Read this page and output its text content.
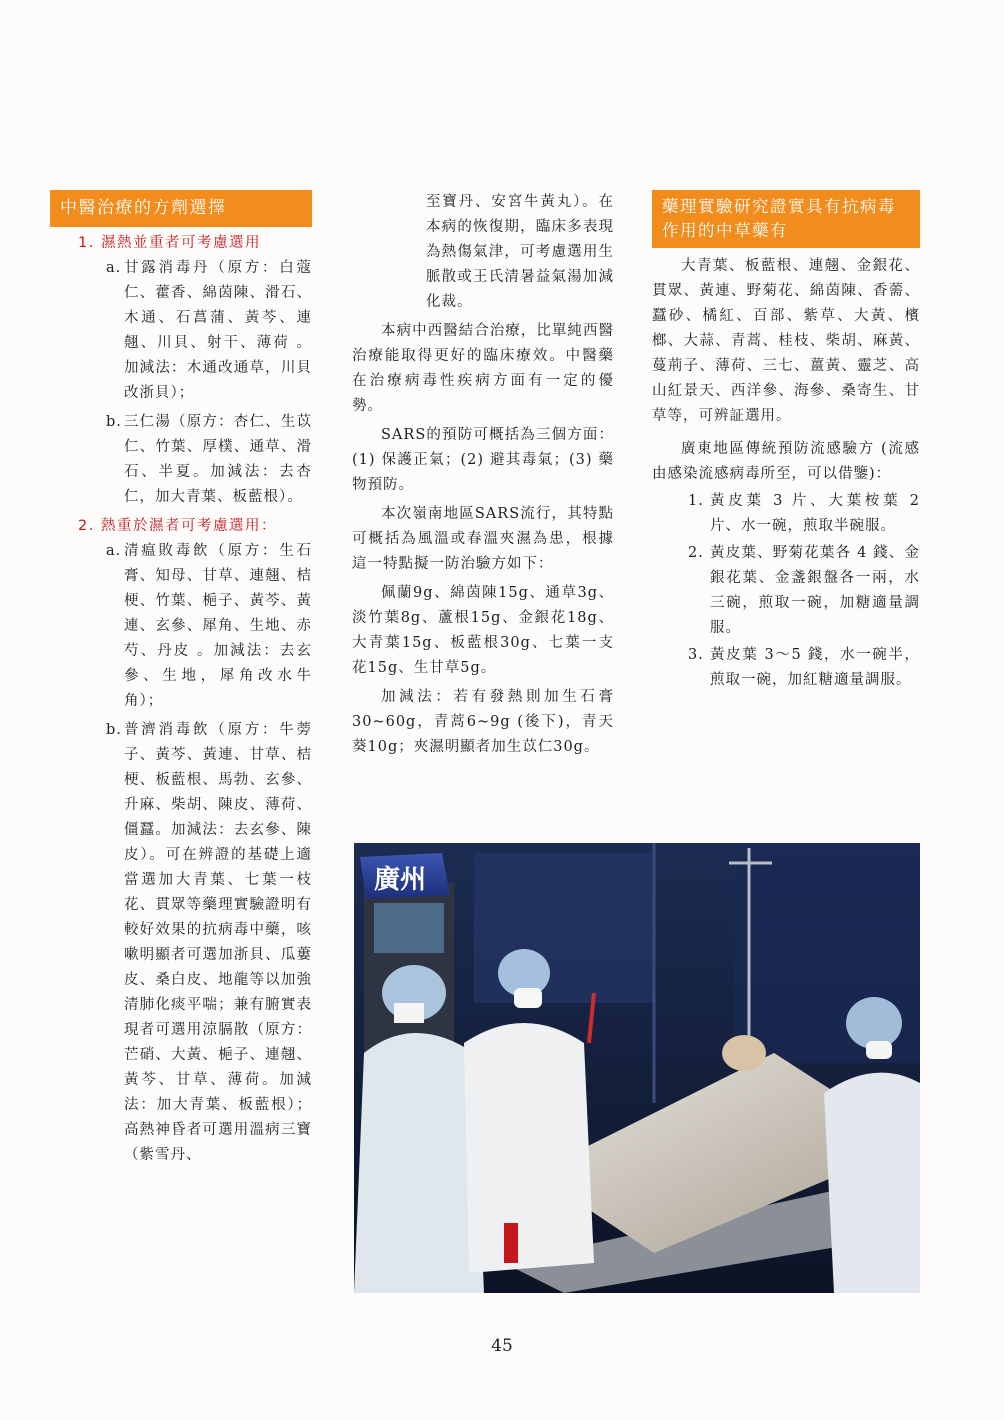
中醫治療的方劑選擇
1. 濕熱並重者可考慮選用
a. 甘露消毒丹（原方：白蔻仁、藿香、綿茵陳、滑石、木通、石菖蒲、黃芩、連翹、川貝、射干、薄荷 。加減法：木通改通草，川貝改浙貝）；
b. 三仁湯（原方：杏仁、生苡仁、竹葉、厚樸、通草、滑石、半夏。加減法：去杏仁，加大青葉、板藍根）。
2. 熱重於濕者可考慮選用：
a. 清瘟敗毒飲（原方：生石膏、知母、甘草、連翹、桔梗、竹葉、梔子、黃芩、黃連、玄參、犀角、生地、赤芍、丹皮 。加減法：去玄參、生地，犀角改水牛角）；
b. 普濟消毒飲（原方：牛蒡子、黃芩、黃連、甘草、桔梗、板藍根、馬勃、玄參、升麻、柴胡、陳皮、薄荷、僵蠶。加減法：去玄參、陳皮）。可在辨證的基礎上適當選加大青葉、七葉一枝花、貫眾等藥理實驗證明有較好效果的抗病毒中藥，咳嗽明顯者可選加浙貝、瓜蔞皮、桑白皮、地龍等以加強清肺化痰平喘；兼有腑實表現者可選用涼膈散（原方：芒硝、大黃、梔子、連翹、黃芩、甘草、薄荷。加減法：加大青葉、板藍根）；高熱神昏者可選用溫病三寶（紫雪丹、
至寶丹、安宮牛黃丸）。在本病的恢復期，臨床多表現為熱傷氣津，可考慮選用生脈散或王氏清暑益氣湯加減化裁。

本病中西醫結合治療，比單純西醫治療能取得更好的臨床療效。中醫藥在治療病毒性疾病方面有一定的優勢。

SARS的預防可概括為三個方面：(1) 保護正氣；(2) 避其毒氣；(3) 藥物預防。

本次嶺南地區SARS流行，其特點可概括為風溫或春溫夾濕為患，根據這一特點擬一防治驗方如下：

佩蘭9g、綿茵陳15g、通草3g、淡竹葉8g、蘆根15g、金銀花18g、大青葉15g、板藍根30g、七葉一支花15g、生甘草5g。

加減法：若有發熱則加生石膏30~60g，青蒿6~9g (後下)，青天葵10g；夾濕明顯者加生苡仁30g。

藥理實驗研究證實具有抗病毒作用的中草藥有

大青葉、板藍根、連翹、金銀花、貫眾、黃連、野菊花、綿茵陳、香薷、蠶砂、橘紅、百部、紫草、大黃、檳榔、大蒜、青蒿、桂枝、柴胡、麻黃、蔓荊子、薄荷、三七、薑黃、靈芝、高山紅景天、西洋參、海參、桑寄生、甘草等，可辨証選用。

廣東地區傳統預防流感驗方 (流感由感染流感病毒所至，可以借鑒)：

1. 黃皮葉 3 片、大葉桉葉 2 片、水一碗，煎取半碗服。
2. 黃皮葉、野菊花葉各 4 錢、金銀花葉、金盞銀盤各一兩，水三碗，煎取一碗，加糖適量調服。
3. 黃皮葉 3～5 錢，水一碗半，煎取一碗，加紅糖適量調服。
廣州
45
